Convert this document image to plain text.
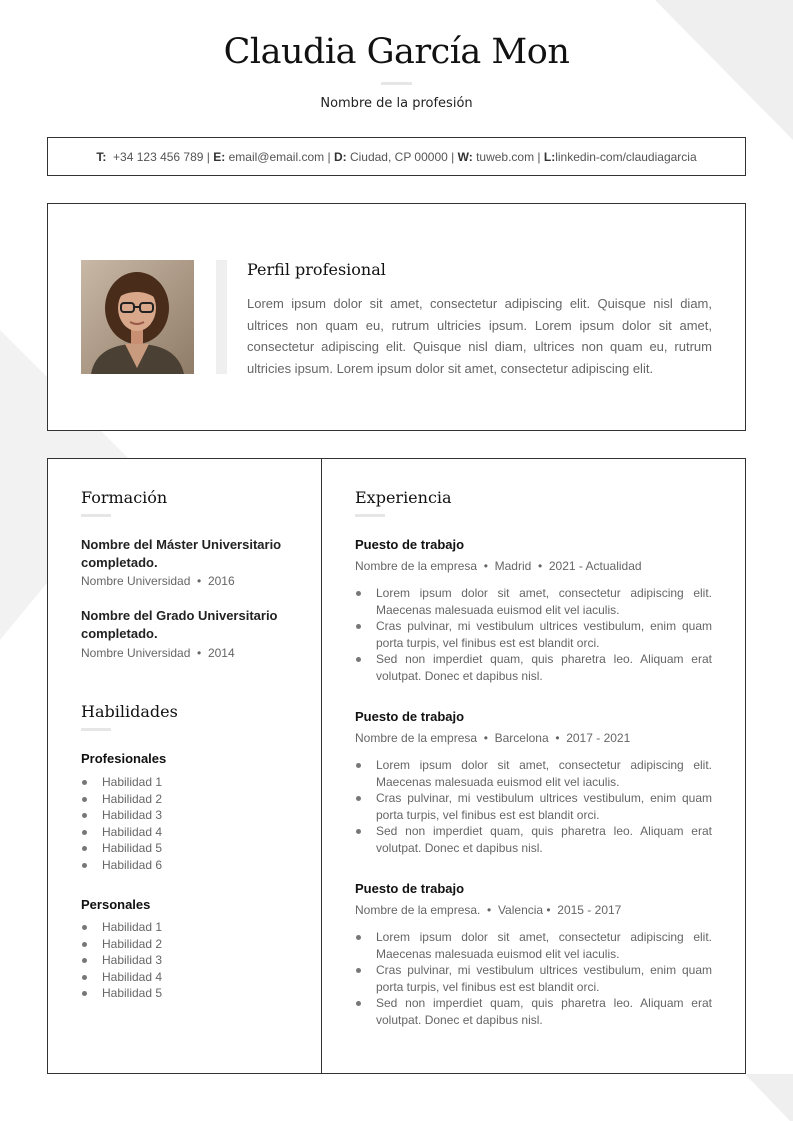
Claudia García Mon
Nombre de la profesión
T: +34 123 456 789 | E: email@email.com | D: Ciudad, CP 00000 | W: tuweb.com | L:linkedin-com/claudiagarcia
Perfil profesional
Lorem ipsum dolor sit amet, consectetur adipiscing elit. Quisque nisl diam, ultrices non quam eu, rutrum ultricies ipsum. Lorem ipsum dolor sit amet, consectetur adipiscing elit. Quisque nisl diam, ultrices non quam eu, rutrum ultricies ipsum. Lorem ipsum dolor sit amet, consectetur adipiscing elit.
Formación
Nombre del Máster Universitario completado.
Nombre Universidad  •  2016
Nombre del Grado Universitario completado.
Nombre Universidad  •  2014
Habilidades
Profesionales
Habilidad 1
Habilidad 2
Habilidad 3
Habilidad 4
Habilidad 5
Habilidad 6
Personales
Habilidad 1
Habilidad 2
Habilidad 3
Habilidad 4
Habilidad 5
Experiencia
Puesto de trabajo
Nombre de la empresa  •  Madrid  •  2021 - Actualidad
Lorem ipsum dolor sit amet, consectetur adipiscing elit. Maecenas malesuada euismod elit vel iaculis.
Cras pulvinar, mi vestibulum ultrices vestibulum, enim quam porta turpis, vel finibus est est blandit orci.
Sed non imperdiet quam, quis pharetra leo. Aliquam erat volutpat. Donec et dapibus nisl.
Puesto de trabajo
Nombre de la empresa  •  Barcelona  •  2017 - 2021
Lorem ipsum dolor sit amet, consectetur adipiscing elit. Maecenas malesuada euismod elit vel iaculis.
Cras pulvinar, mi vestibulum ultrices vestibulum, enim quam porta turpis, vel finibus est est blandit orci.
Sed non imperdiet quam, quis pharetra leo. Aliquam erat volutpat. Donec et dapibus nisl.
Puesto de trabajo
Nombre de la empresa.  •  Valencia •  2015 - 2017
Lorem ipsum dolor sit amet, consectetur adipiscing elit. Maecenas malesuada euismod elit vel iaculis.
Cras pulvinar, mi vestibulum ultrices vestibulum, enim quam porta turpis, vel finibus est est blandit orci.
Sed non imperdiet quam, quis pharetra leo. Aliquam erat volutpat. Donec et dapibus nisl.
